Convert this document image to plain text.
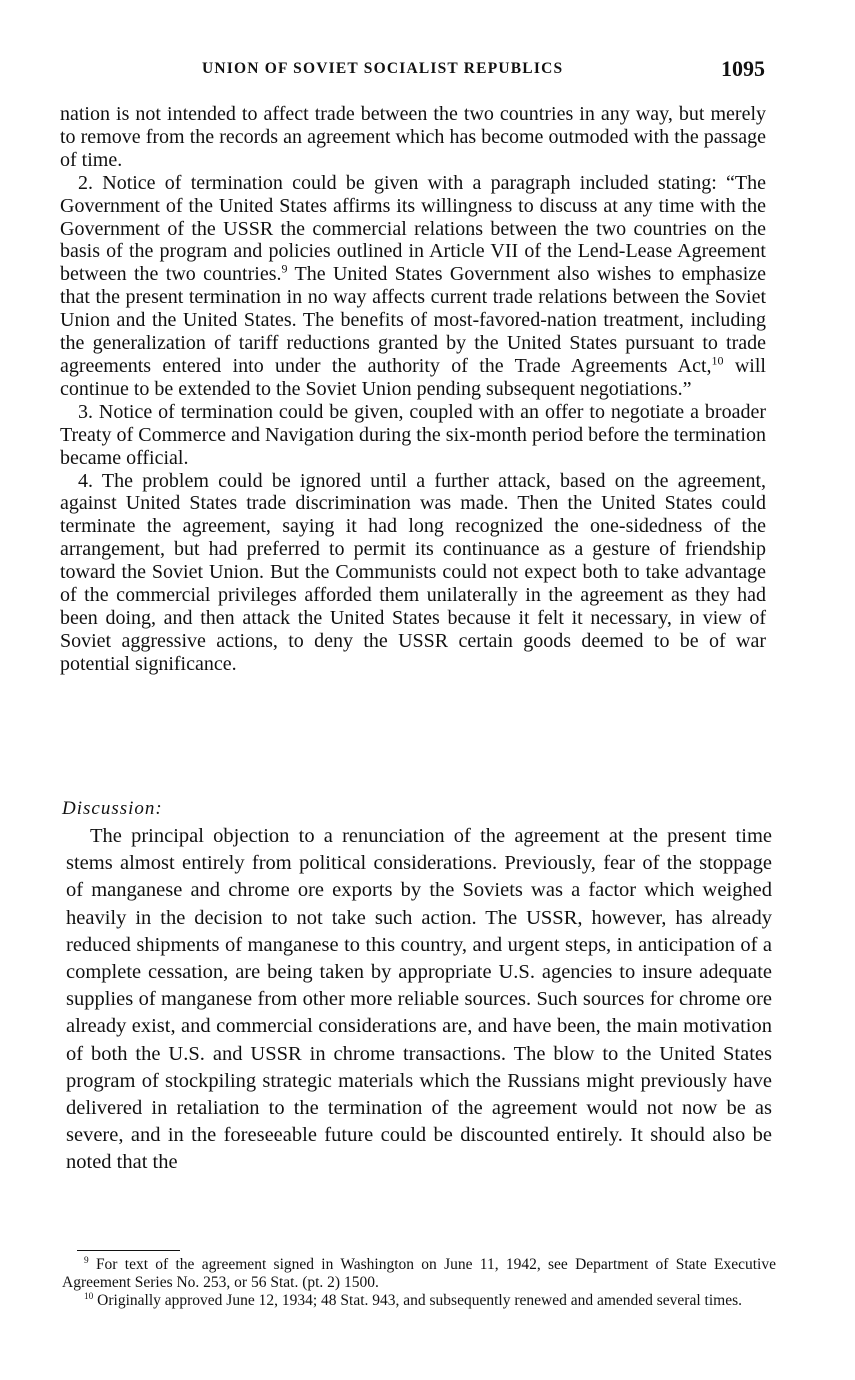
UNION OF SOVIET SOCIALIST REPUBLICS	1095

nation is not intended to affect trade between the two countries in any way, but merely to remove from the records an agreement which has become outmoded with the passage of time.

2. Notice of termination could be given with a paragraph included stating: “The Government of the United States affirms its willingness to discuss at any time with the Government of the USSR the commercial relations between the two countries on the basis of the program and policies outlined in Article VII of the Lend-Lease Agreement between the two countries.$^9$ The United States Government also wishes to emphasize that the present termination in no way affects current trade relations between the Soviet Union and the United States. The benefits of most-favored-nation treatment, including the generalization of tariff reductions granted by the United States pursuant to trade agreements entered into under the authority of the Trade Agreements Act,$^{10}$ will continue to be extended to the Soviet Union pending subsequent negotiations.”

3. Notice of termination could be given, coupled with an offer to negotiate a broader Treaty of Commerce and Navigation during the six-month period before the termination became official.

4. The problem could be ignored until a further attack, based on the agreement, against United States trade discrimination was made. Then the United States could terminate the agreement, saying it had long recognized the one-sidedness of the arrangement, but had preferred to permit its continuance as a gesture of friendship toward the Soviet Union. But the Communists could not expect both to take advantage of the commercial privileges afforded them unilaterally in the agreement as they had been doing, and then attack the United States because it felt it necessary, in view of Soviet aggressive actions, to deny the USSR certain goods deemed to be of war potential significance.

Discussion:

The principal objection to a renunciation of the agreement at the present time stems almost entirely from political considerations. Previously, fear of the stoppage of manganese and chrome ore exports by the Soviets was a factor which weighed heavily in the decision to not take such action. The USSR, however, has already reduced shipments of manganese to this country, and urgent steps, in anticipation of a complete cessation, are being taken by appropriate U.S. agencies to insure adequate supplies of manganese from other more reliable sources. Such sources for chrome ore already exist, and commercial considerations are, and have been, the main motivation of both the U.S. and USSR in chrome transactions. The blow to the United States program of stockpiling strategic materials which the Russians might previously have delivered in retaliation to the termination of the agreement would not now be as severe, and in the foreseeable future could be discounted entirely. It should also be noted that the

$^9$ For text of the agreement signed in Washington on June 11, 1942, see Department of State Executive Agreement Series No. 253, or 56 Stat. (pt. 2) 1500.

$^{10}$ Originally approved June 12, 1934; 48 Stat. 943, and subsequently renewed and amended several times.
